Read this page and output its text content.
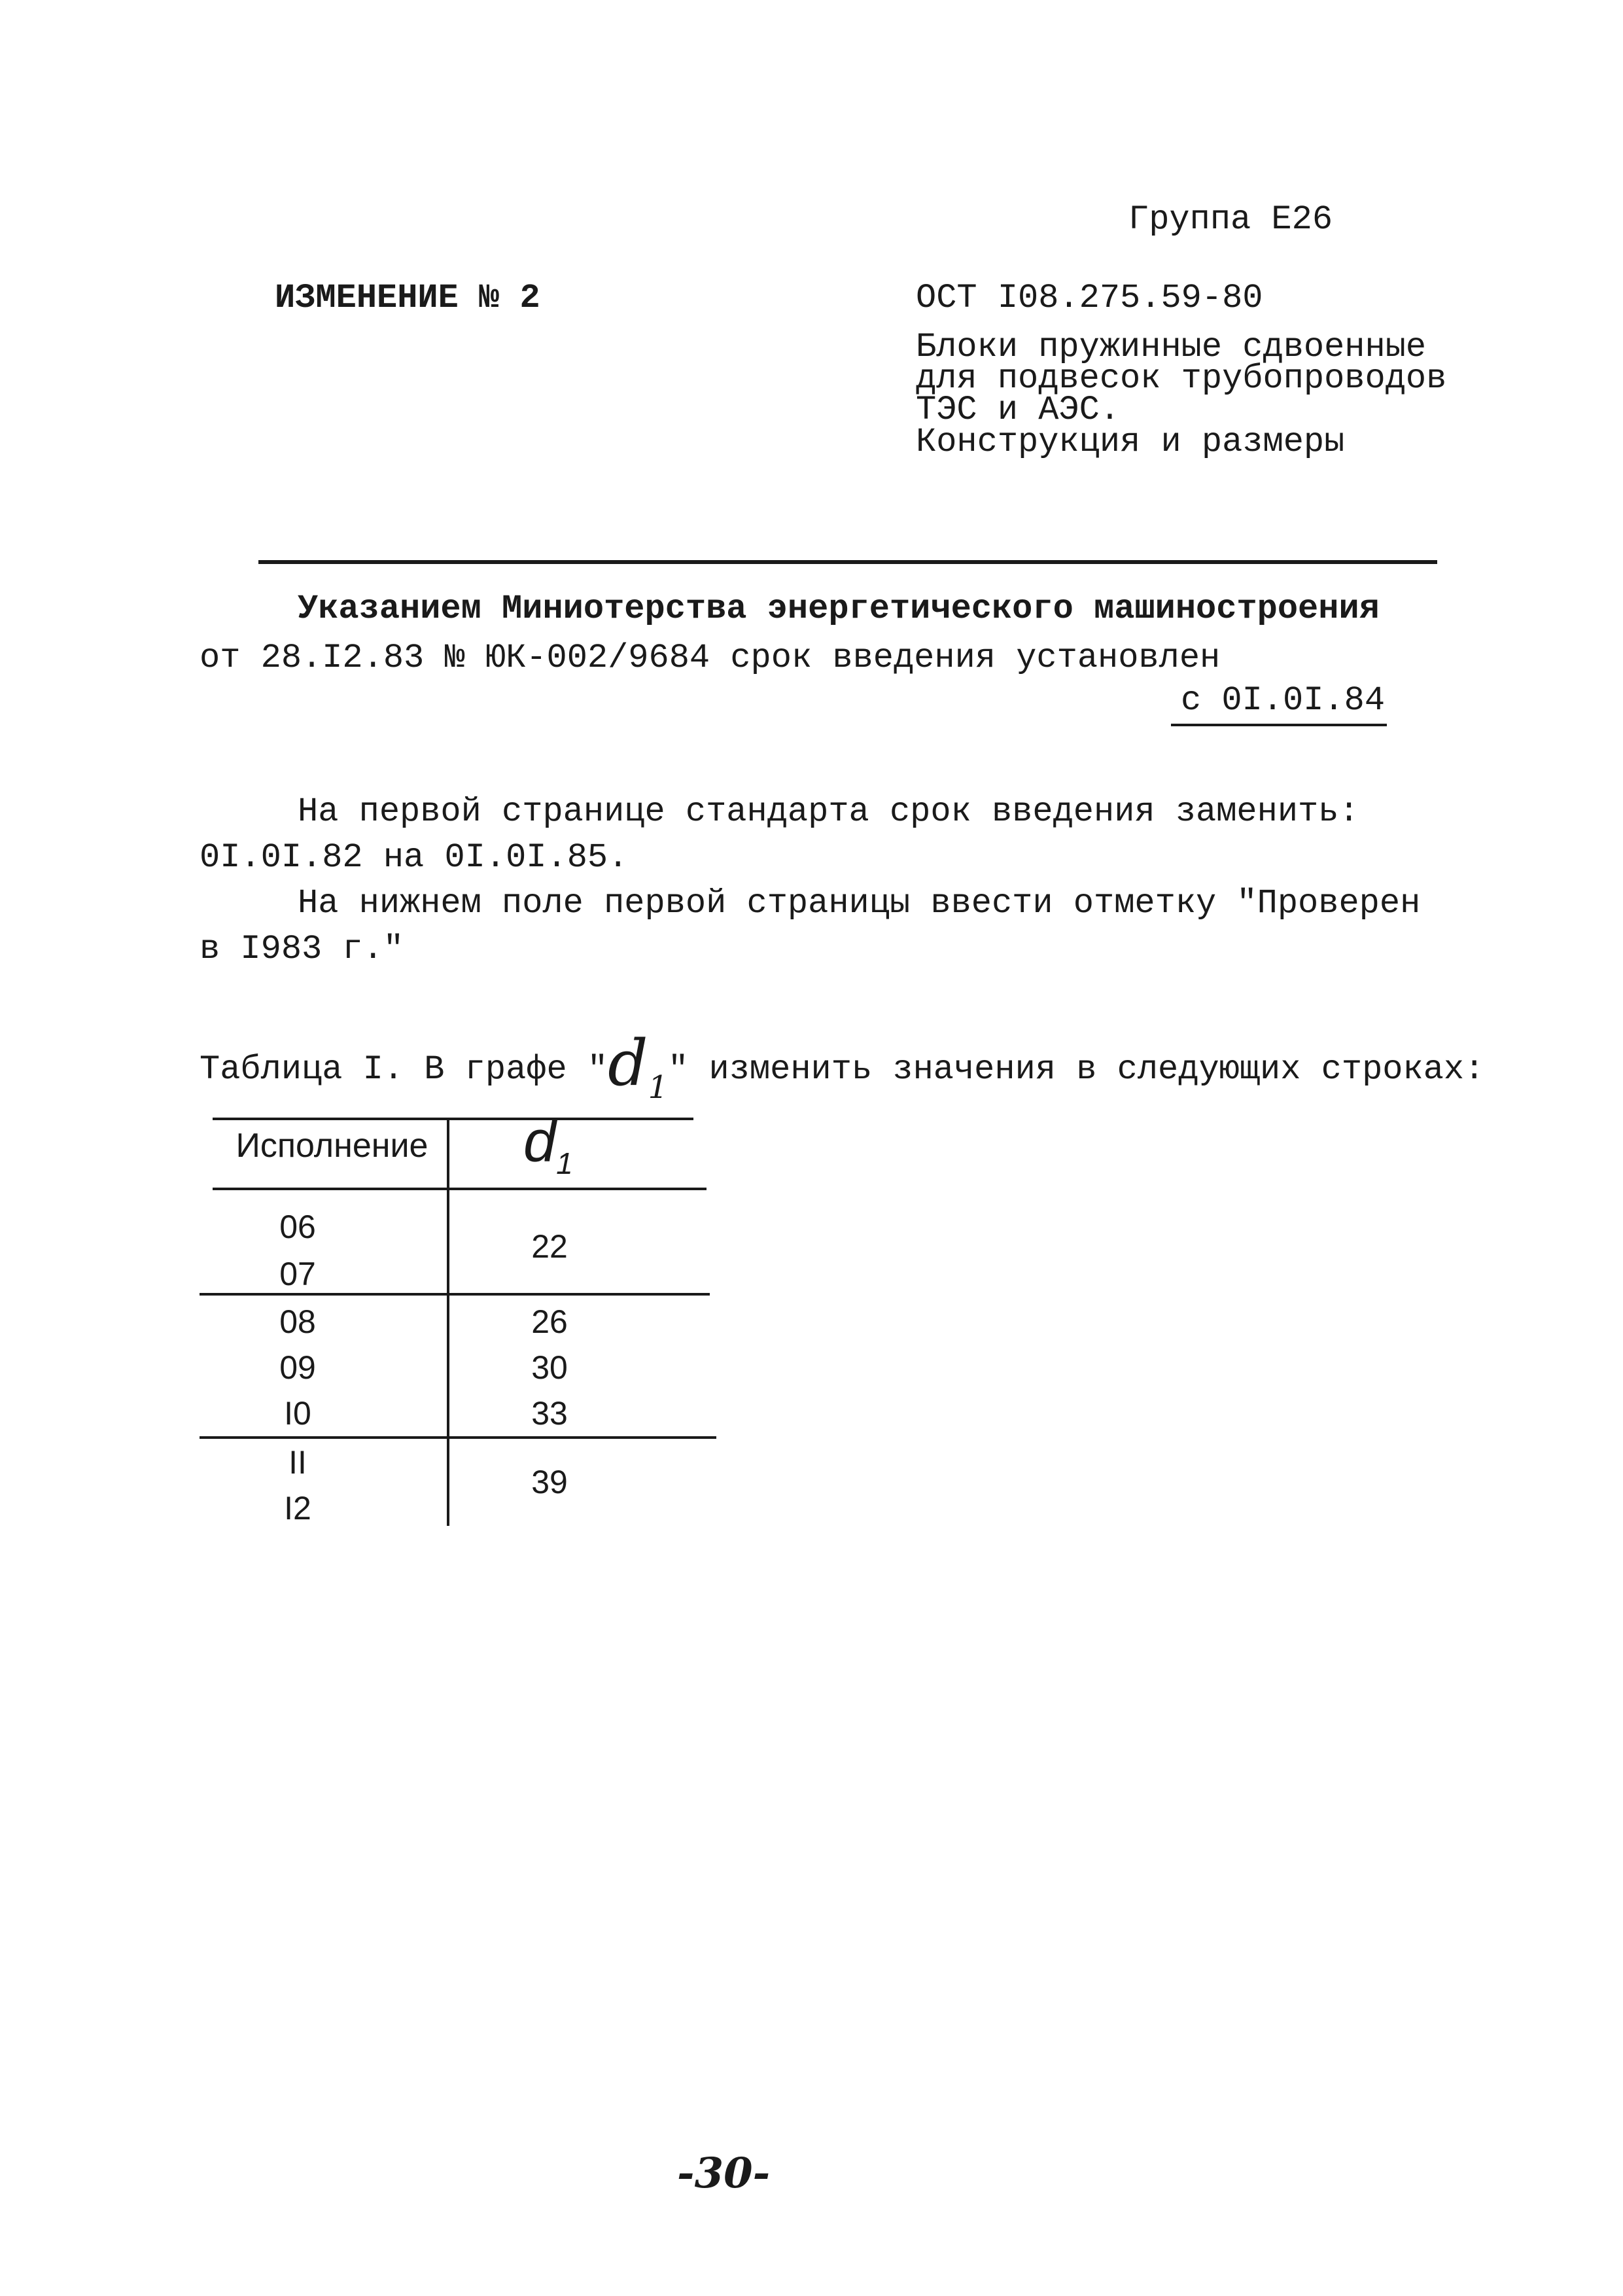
Группа Е26
ИЗМЕНЕНИЕ № 2	ОСТ I08.275.59-80
Блоки пружинные сдвоенные
для подвесок трубопроводов
ТЭС и АЭС.
Конструкция и размеры
Указанием Миниотерства энергетического машиностроения
от 28.I2.83 № ЮК-002/9684 срок введения установлен
с 0I.0I.84
На первой странице стандарта срок введения заменить:
0I.0I.82 на 0I.0I.85.
На нижнем поле первой страницы ввести отметку "Проверен
в I983 г."
Таблица I. В графе "$d_1$" изменить значения в следующих строках:
Исполнение $d_1$
06
07
22
08
09
I0
26
30
33
II
I2
39
-30-
